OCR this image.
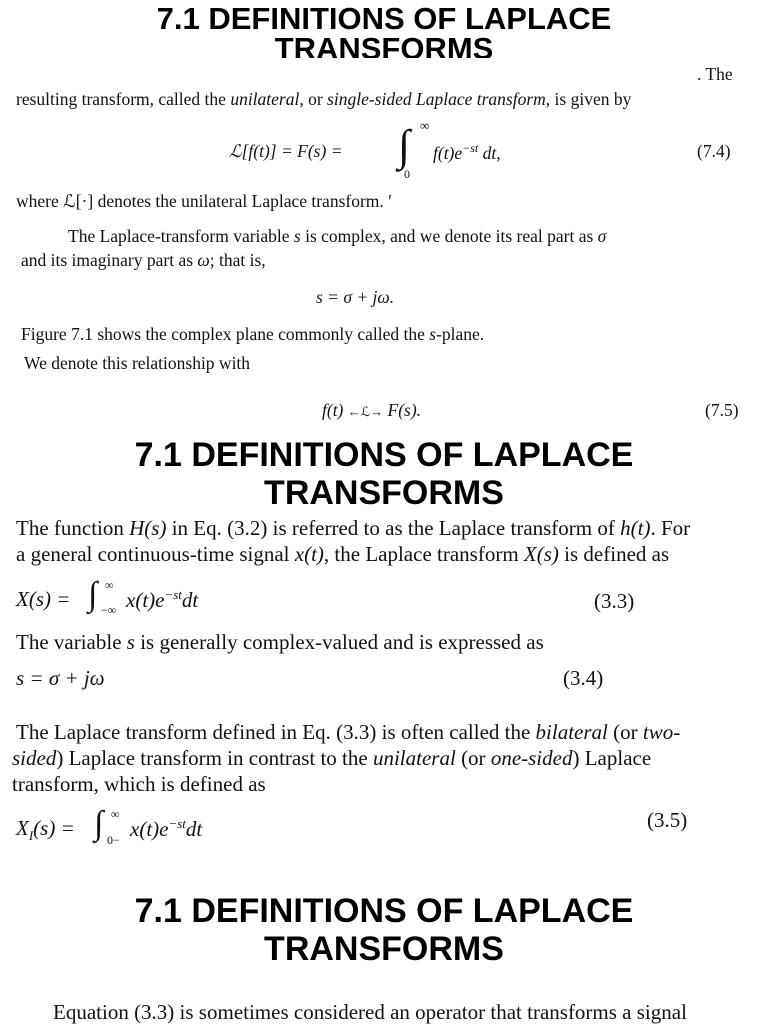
7.1 DEFINITIONS OF LAPLACE
TRANSFORMS
. The
resulting transform, called the unilateral, or single-sided Laplace transform, is given by
ℒ[f(t)] = F(s) = ∫ ∞
0
$f(t)e^{-st}$ dt,	(7.4)
where ℒ[·] denotes the unilateral Laplace transform. ′
The Laplace-transform variable s is complex, and we denote its real part as σ
and its imaginary part as ω; that is,
s = σ + jω.
Figure 7.1 shows the complex plane commonly called the s-plane.
We denote this relationship with
f(t) ←ℒ→ F(s).	(7.5)
7.1 DEFINITIONS OF LAPLACE
TRANSFORMS
The function H(s) in Eq. (3.2) is referred to as the Laplace transform of h(t). For
a general continuous-time signal x(t), the Laplace transform X(s) is defined as
X(s) = ∫ ∞
−∞ $x(t)e^{-st}dt$	(3.3)
The variable s is generally complex-valued and is expressed as
s = σ + jω	(3.4)
The Laplace transform defined in Eq. (3.3) is often called the bilateral (or two-
sided) Laplace transform in contrast to the unilateral (or one-sided) Laplace
transform, which is defined as
$X_I(s)$ = ∫ ∞
$0- x(t)e^{-st}dt$	(3.5)
7.1 DEFINITIONS OF LAPLACE
TRANSFORMS
Equation (3.3) is sometimes considered an operator that transforms a signal
